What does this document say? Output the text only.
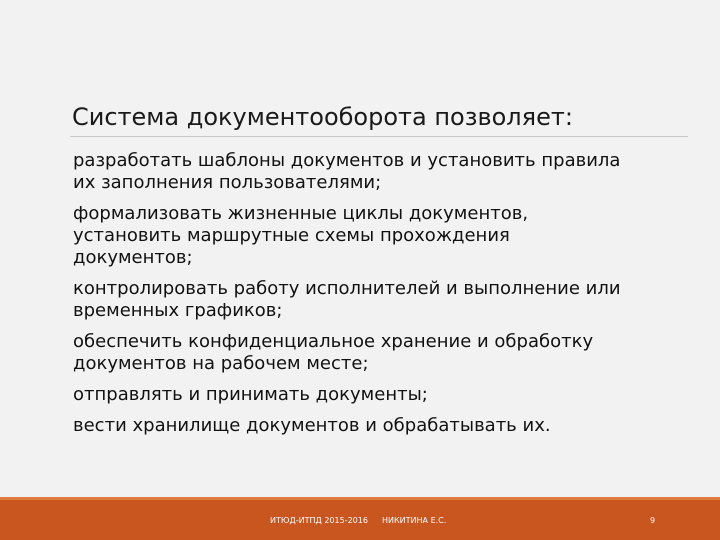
Система документооборота позволяет:
разработать шаблоны документов и установить правила
их заполнения пользователями;
формализовать жизненные циклы документов,
установить маршрутные схемы прохождения
документов;
контролировать работу исполнителей и выполнение или
временных графиков;
обеспечить конфиденциальное хранение и обработку
документов на рабочем месте;
отправлять и принимать документы;
вести хранилище документов и обрабатывать их.
ИТЮД-ИТПД 2015-2016 НИКИТИНА Е.С.	9
